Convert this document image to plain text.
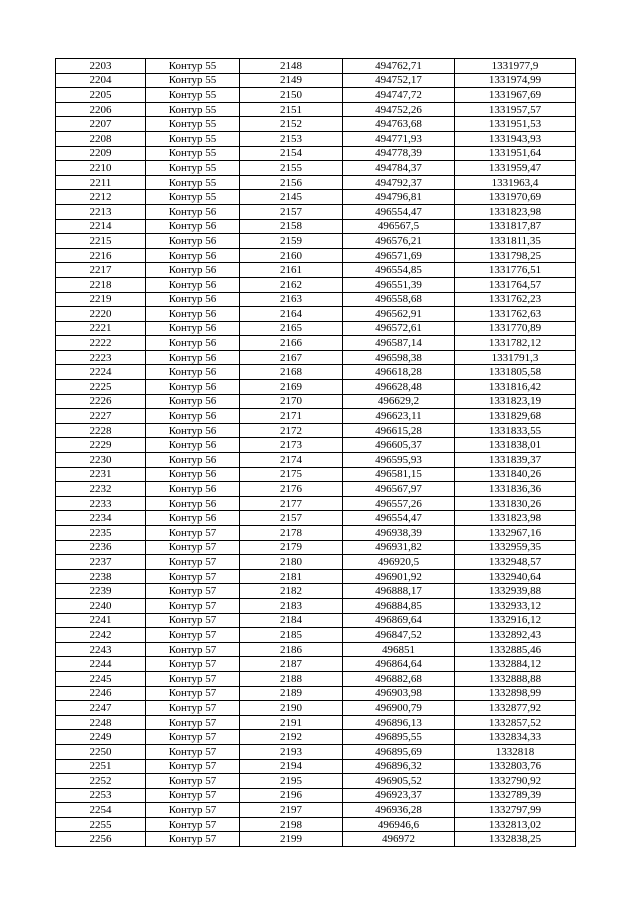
2203	Контур 55	2148	494762,71	1331977,9
2204	Контур 55	2149	494752,17	1331974,99
2205	Контур 55	2150	494747,72	1331967,69
2206	Контур 55	2151	494752,26	1331957,57
2207	Контур 55	2152	494763,68	1331951,53
2208	Контур 55	2153	494771,93	1331943,93
2209	Контур 55	2154	494778,39	1331951,64
2210	Контур 55	2155	494784,37	1331959,47
2211	Контур 55	2156	494792,37	1331963,4
2212	Контур 55	2145	494796,81	1331970,69
2213	Контур 56	2157	496554,47	1331823,98
2214	Контур 56	2158	496567,5	1331817,87
2215	Контур 56	2159	496576,21	1331811,35
2216	Контур 56	2160	496571,69	1331798,25
2217	Контур 56	2161	496554,85	1331776,51
2218	Контур 56	2162	496551,39	1331764,57
2219	Контур 56	2163	496558,68	1331762,23
2220	Контур 56	2164	496562,91	1331762,63
2221	Контур 56	2165	496572,61	1331770,89
2222	Контур 56	2166	496587,14	1331782,12
2223	Контур 56	2167	496598,38	1331791,3
2224	Контур 56	2168	496618,28	1331805,58
2225	Контур 56	2169	496628,48	1331816,42
2226	Контур 56	2170	496629,2	1331823,19
2227	Контур 56	2171	496623,11	1331829,68
2228	Контур 56	2172	496615,28	1331833,55
2229	Контур 56	2173	496605,37	1331838,01
2230	Контур 56	2174	496595,93	1331839,37
2231	Контур 56	2175	496581,15	1331840,26
2232	Контур 56	2176	496567,97	1331836,36
2233	Контур 56	2177	496557,26	1331830,26
2234	Контур 56	2157	496554,47	1331823,98
2235	Контур 57	2178	496938,39	1332967,16
2236	Контур 57	2179	496931,82	1332959,35
2237	Контур 57	2180	496920,5	1332948,57
2238	Контур 57	2181	496901,92	1332940,64
2239	Контур 57	2182	496888,17	1332939,88
2240	Контур 57	2183	496884,85	1332933,12
2241	Контур 57	2184	496869,64	1332916,12
2242	Контур 57	2185	496847,52	1332892,43
2243	Контур 57	2186	496851	1332885,46
2244	Контур 57	2187	496864,64	1332884,12
2245	Контур 57	2188	496882,68	1332888,88
2246	Контур 57	2189	496903,98	1332898,99
2247	Контур 57	2190	496900,79	1332877,92
2248	Контур 57	2191	496896,13	1332857,52
2249	Контур 57	2192	496895,55	1332834,33
2250	Контур 57	2193	496895,69	1332818
2251	Контур 57	2194	496896,32	1332803,76
2252	Контур 57	2195	496905,52	1332790,92
2253	Контур 57	2196	496923,37	1332789,39
2254	Контур 57	2197	496936,28	1332797,99
2255	Контур 57	2198	496946,6	1332813,02
2256	Контур 57	2199	496972	1332838,25
